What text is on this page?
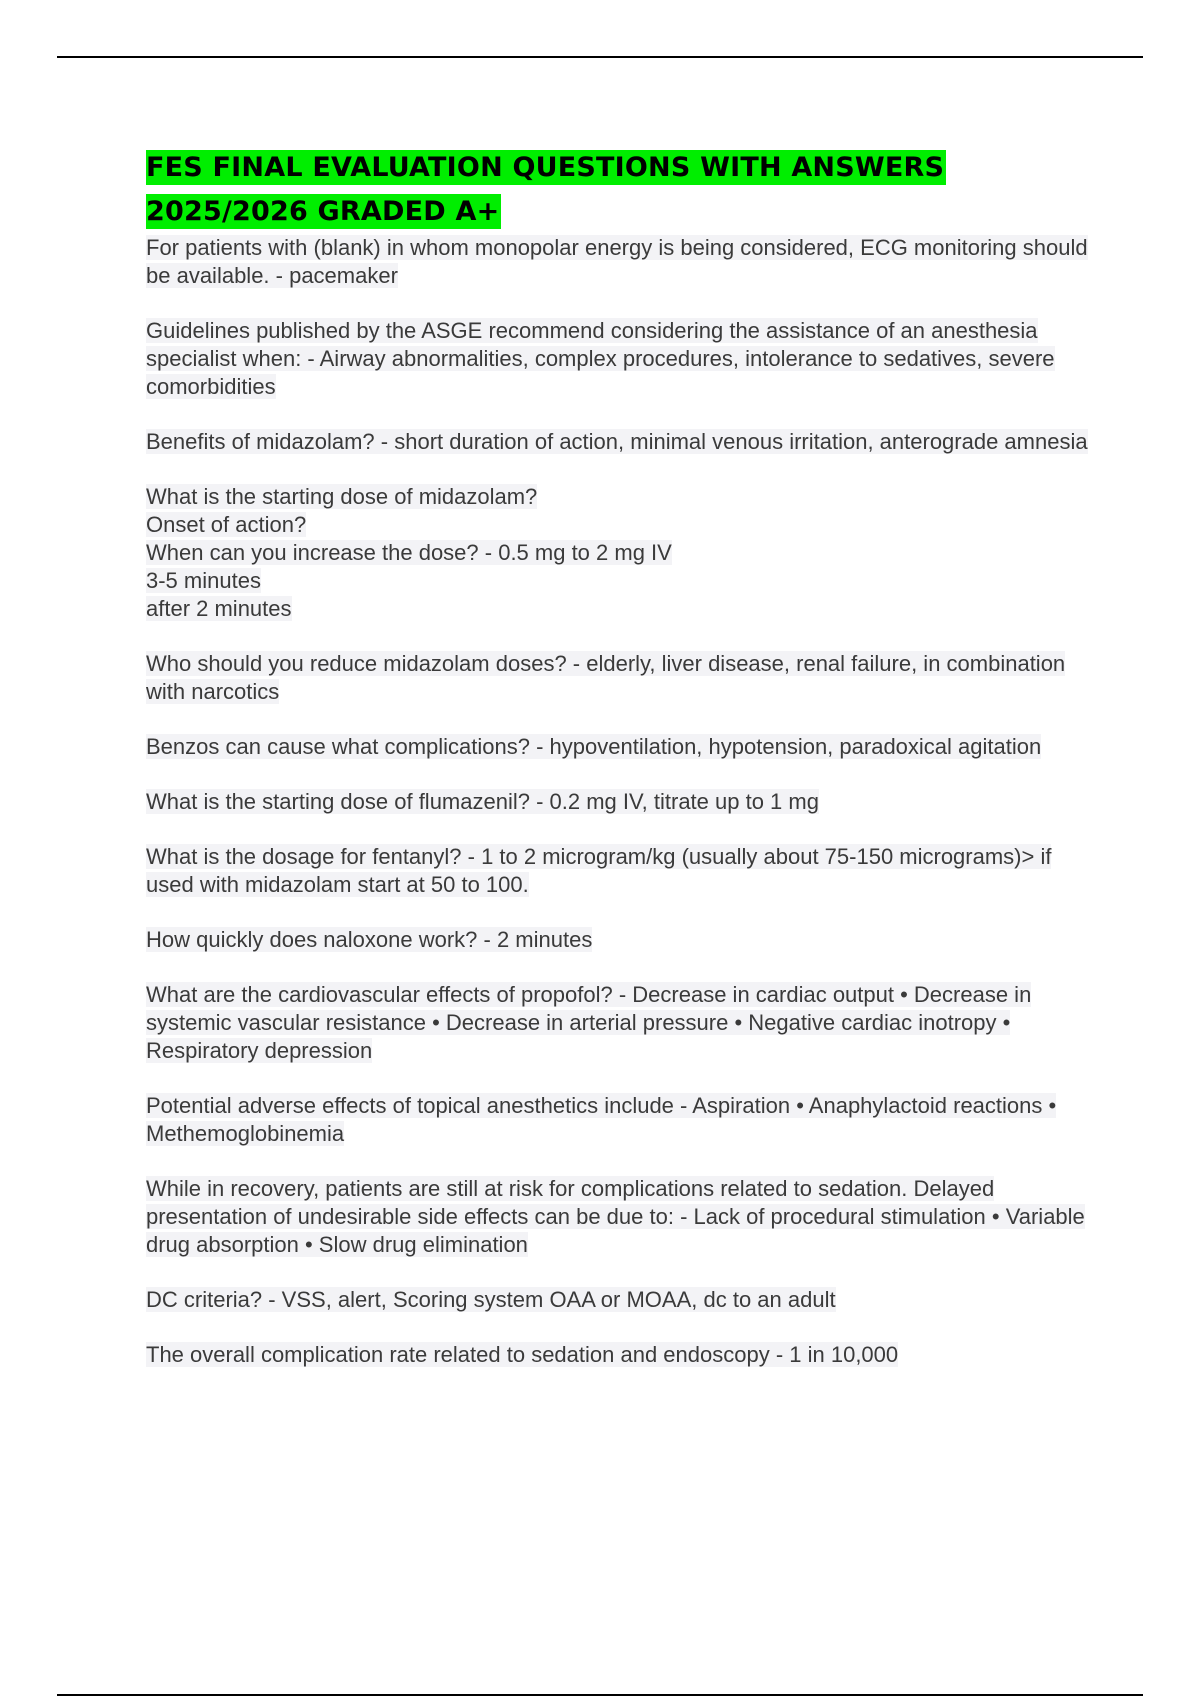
FES FINAL EVALUATION QUESTIONS WITH ANSWERS 2025/2026 GRADED A+

For patients with (blank) in whom monopolar energy is being considered, ECG monitoring should be available. - pacemaker

Guidelines published by the ASGE recommend considering the assistance of an anesthesia specialist when: - Airway abnormalities, complex procedures, intolerance to sedatives, severe comorbidities

Benefits of midazolam? - short duration of action, minimal venous irritation, anterograde amnesia

What is the starting dose of midazolam?
Onset of action?
When can you increase the dose? - 0.5 mg to 2 mg IV
3-5 minutes
after 2 minutes

Who should you reduce midazolam doses? - elderly, liver disease, renal failure, in combination with narcotics

Benzos can cause what complications? - hypoventilation, hypotension, paradoxical agitation

What is the starting dose of flumazenil? - 0.2 mg IV, titrate up to 1 mg

What is the dosage for fentanyl? - 1 to 2 microgram/kg (usually about 75-150 micrograms)> if used with midazolam start at 50 to 100.

How quickly does naloxone work? - 2 minutes

What are the cardiovascular effects of propofol? - Decrease in cardiac output • Decrease in systemic vascular resistance • Decrease in arterial pressure • Negative cardiac inotropy • Respiratory depression

Potential adverse effects of topical anesthetics include - Aspiration • Anaphylactoid reactions • Methemoglobinemia

While in recovery, patients are still at risk for complications related to sedation. Delayed presentation of undesirable side effects can be due to: - Lack of procedural stimulation • Variable drug absorption • Slow drug elimination

DC criteria? - VSS, alert, Scoring system OAA or MOAA, dc to an adult

The overall complication rate related to sedation and endoscopy - 1 in 10,000
